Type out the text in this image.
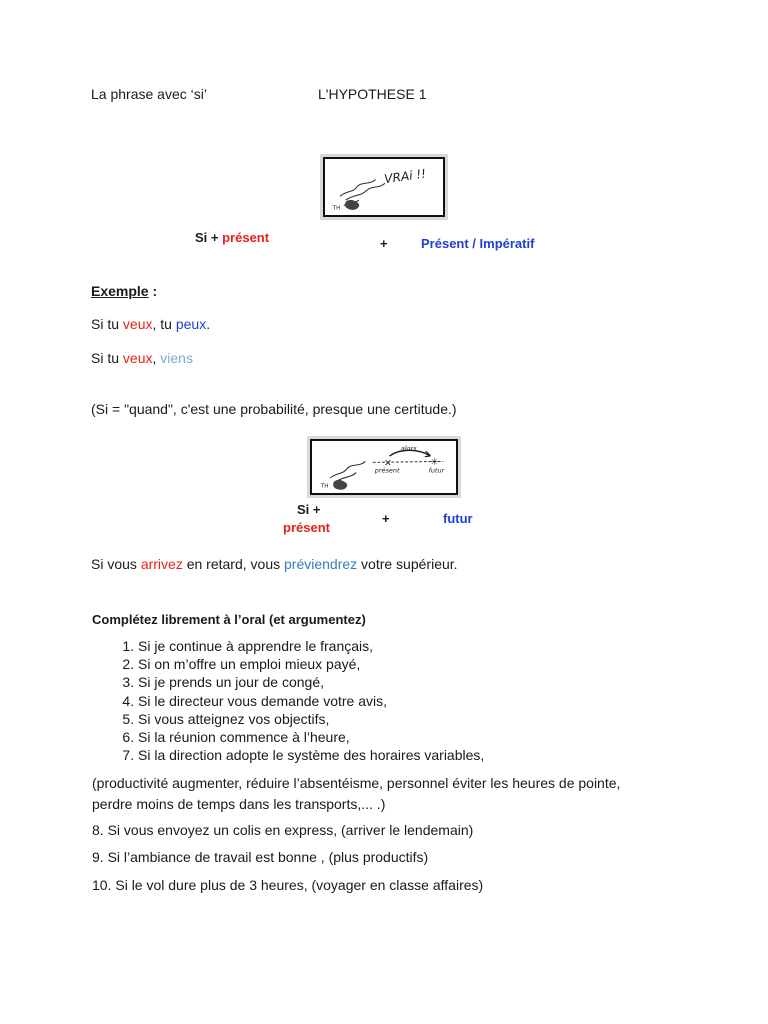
La phrase avec ‘si’	L'HYPOTHESE 1
TH
VRAi !!
Si + présent	+	Présent / Impératif
Exemple :
Si tu veux, tu peux.
Si tu veux, viens
(Si = "quand", c'est une probabilité, presque une certitude.)
TH
✕	✳
alors
présent	futur
Si +
présent
+	futur
Si vous arrivez en retard, vous préviendrez votre supérieur.
Complétez librement à l’oral (et argumentez)
1. Si je continue à apprendre le français,
2. Si on m’offre un emploi mieux payé,
3. Si je prends un jour de congé,
4. Si le directeur vous demande votre avis,
5. Si vous atteignez vos objectifs,
6. Si la réunion commence à l’heure,
7. Si la direction adopte le système des horaires variables,
(productivité augmenter, réduire l’absentéisme, personnel éviter les heures de pointe, perdre moins de temps dans les transports,... .)
8. Si vous envoyez un colis en express, (arriver le lendemain)
9. Si l’ambiance de travail est bonne , (plus productifs)
10. Si le vol dure plus de 3 heures, (voyager en classe affaires)
